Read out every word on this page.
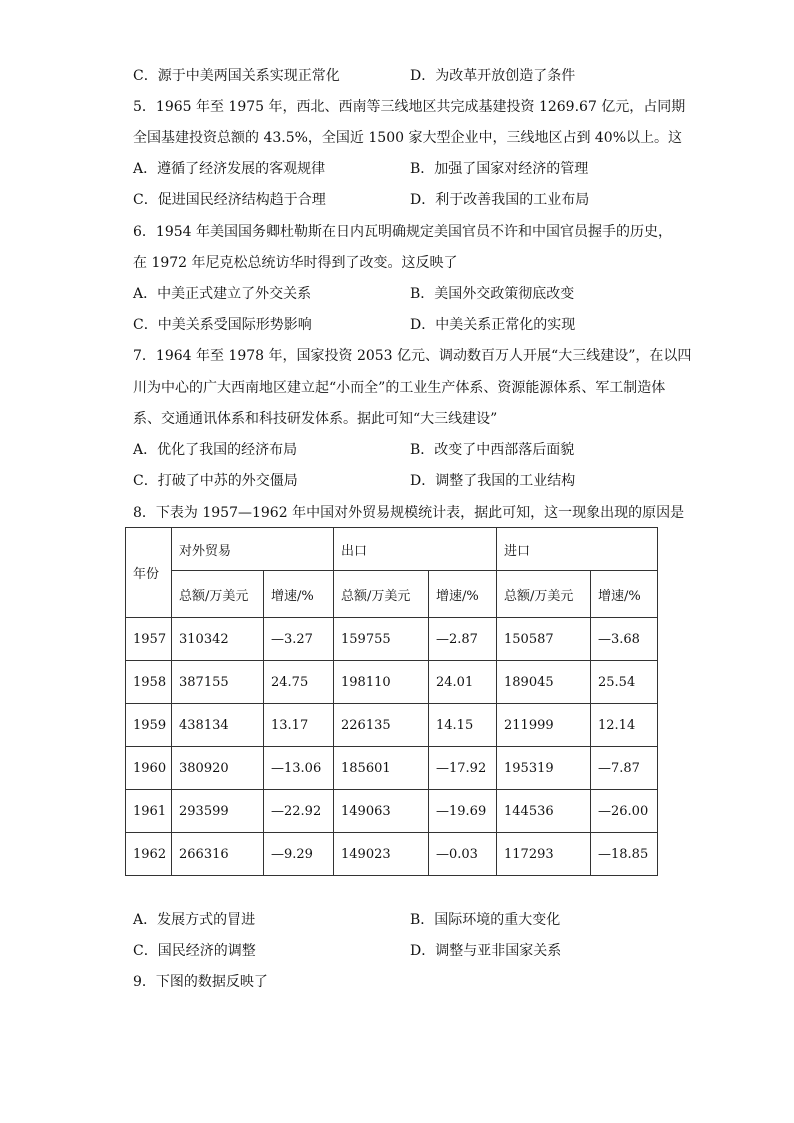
C．源于中美两国关系实现正常化	D．为改革开放创造了条件
5．1965 年至 1975 年，西北、西南等三线地区共完成基建投资 1269.67 亿元，占同期
全国基建投资总额的 43.5%，全国近 1500 家大型企业中，三线地区占到 40%以上。这
A．遵循了经济发展的客观规律	B．加强了国家对经济的管理
C．促进国民经济结构趋于合理	D．利于改善我国的工业布局
6．1954 年美国国务卿杜勒斯在日内瓦明确规定美国官员不许和中国官员握手的历史，
在 1972 年尼克松总统访华时得到了改变。这反映了
A．中美正式建立了外交关系	B．美国外交政策彻底改变
C．中美关系受国际形势影响	D．中美关系正常化的实现
7．1964 年至 1978 年，国家投资 2053 亿元、调动数百万人开展“大三线建设”，在以四
川为中心的广大西南地区建立起“小而全”的工业生产体系、资源能源体系、军工制造体
系、交通通讯体系和科技研发体系。据此可知“大三线建设”
A．优化了我国的经济布局	B．改变了中西部落后面貌
C．打破了中苏的外交僵局	D．调整了我国的工业结构
8．下表为 1957—1962 年中国对外贸易规模统计表，据此可知，这一现象出现的原因是
年份	对外贸易		出口		进口	
	总额/万美元	增速/%	总额/万美元	增速/%	总额/万美元	增速/%
1957	310342	—3.27	159755	—2.87	150587	—3.68
1958	387155	24.75	198110	24.01	189045	25.54
1959	438134	13.17	226135	14.15	211999	12.14
1960	380920	—13.06	185601	—17.92	195319	—7.87
1961	293599	—22.92	149063	—19.69	144536	—26.00
1962	266316	—9.29	149023	—0.03	117293	—18.85
A．发展方式的冒进	B．国际环境的重大变化
C．国民经济的调整	D．调整与亚非国家关系
9．下图的数据反映了
